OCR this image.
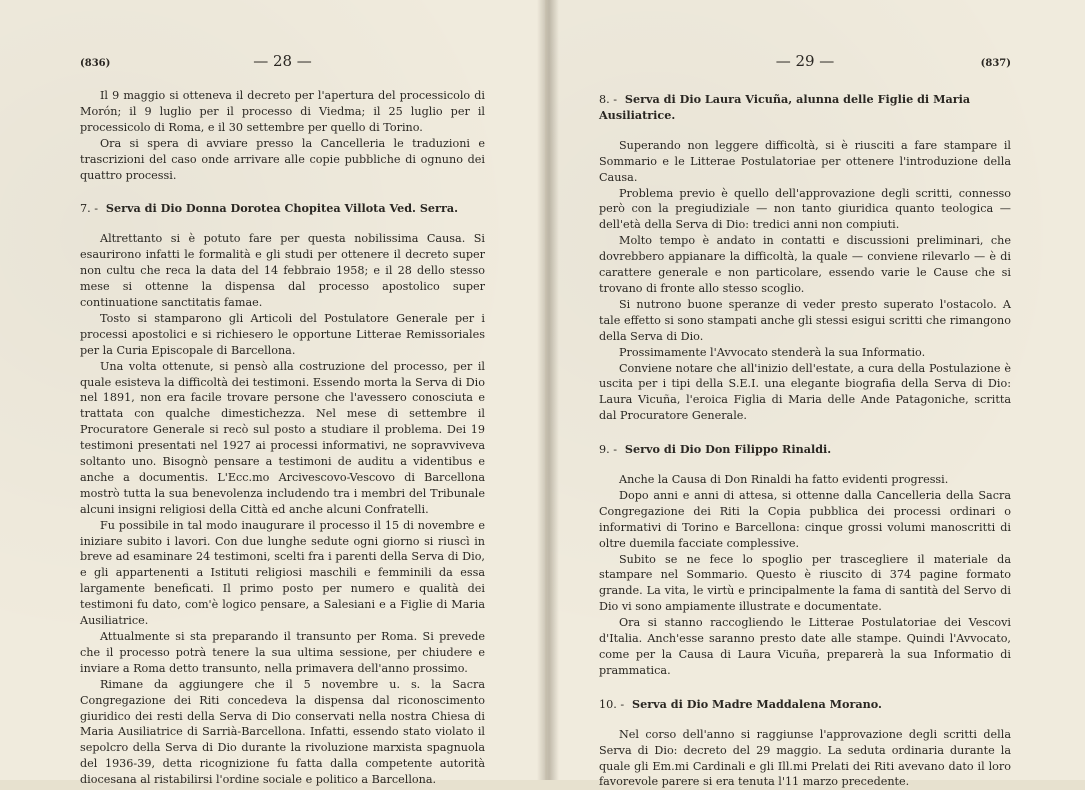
(836)	— 28 —

Il 9 maggio si otteneva il decreto per l'apertura del processicolo di Morón; il 9 luglio per il processo di Viedma; il 25 luglio per il processicolo di Roma, e il 30 settembre per quello di Torino.

Ora si spera di avviare presso la Cancelleria le traduzioni e trascrizioni del caso onde arrivare alle copie pubbliche di ognuno dei quattro processi.

7. - Serva di Dio Donna Dorotea Chopitea Villota Ved. Serra.

Altrettanto si è potuto fare per questa nobilissima Causa. Si esaurirono infatti le formalità e gli studi per ottenere il decreto super non cultu che reca la data del 14 febbraio 1958; e il 28 dello stesso mese si ottenne la dispensa dal processo apostolico super continuatione sanctitatis famae.

Tosto si stamparono gli Articoli del Postulatore Generale per i processi apostolici e si richiesero le opportune Litterae Remissoriales per la Curia Episcopale di Barcellona.

Una volta ottenute, si pensò alla costruzione del processo, per il quale esisteva la difficoltà dei testimoni. Essendo morta la Serva di Dio nel 1891, non era facile trovare persone che l'avessero conosciuta e trattata con qualche dimestichezza. Nel mese di settembre il Procuratore Generale si recò sul posto a studiare il problema. Dei 19 testimoni presentati nel 1927 ai processi informativi, ne sopravviveva soltanto uno. Bisognò pensare a testimoni de auditu a videntibus e anche a documentis. L'Ecc.mo Arcivescovo-Vescovo di Barcellona mostrò tutta la sua benevolenza includendo tra i membri del Tribunale alcuni insigni religiosi della Città ed anche alcuni Confratelli.

Fu possibile in tal modo inaugurare il processo il 15 di novembre e iniziare subito i lavori. Con due lunghe sedute ogni giorno si riuscì in breve ad esaminare 24 testimoni, scelti fra i parenti della Serva di Dio, e gli appartenenti a Istituti religiosi maschili e femminili da essa largamente beneficati. Il primo posto per numero e qualità dei testimoni fu dato, com'è logico pensare, a Salesiani e a Figlie di Maria Ausiliatrice.

Attualmente si sta preparando il transunto per Roma. Si prevede che il processo potrà tenere la sua ultima sessione, per chiudere e inviare a Roma detto transunto, nella primavera dell'anno prossimo.

Rimane da aggiungere che il 5 novembre u. s. la Sacra Congregazione dei Riti concedeva la dispensa dal riconoscimento giuridico dei resti della Serva di Dio conservati nella nostra Chiesa di Maria Ausiliatrice di Sarrià-Barcellona. Infatti, essendo stato violato il sepolcro della Serva di Dio durante la rivoluzione marxista spagnuola del 1936-39, detta ricognizione fu fatta dalla competente autorità diocesana al ristabilirsi l'ordine sociale e politico a Barcellona.

— 29 —	(837)
8. - Serva di Dio Laura Vicuña, alunna delle Figlie di Maria Ausiliatrice.

Superando non leggere difficoltà, si è riusciti a fare stampare il Sommario e le Litterae Postulatoriae per ottenere l'introduzione della Causa.

Problema previo è quello dell'approvazione degli scritti, connesso però con la pregiudiziale — non tanto giuridica quanto teologica — dell'età della Serva di Dio: tredici anni non compiuti.

Molto tempo è andato in contatti e discussioni preliminari, che dovrebbero appianare la difficoltà, la quale — conviene rilevarlo — è di carattere generale e non particolare, essendo varie le Cause che si trovano di fronte allo stesso scoglio.

Si nutrono buone speranze di veder presto superato l'ostacolo. A tale effetto si sono stampati anche gli stessi esigui scritti che rimangono della Serva di Dio.

Prossimamente l'Avvocato stenderà la sua Informatio.

Conviene notare che all'inizio dell'estate, a cura della Postulazione è uscita per i tipi della S.E.I. una elegante biografia della Serva di Dio: Laura Vicuña, l'eroica Figlia di Maria delle Ande Patagoniche, scritta dal Procuratore Generale.

9. - Servo di Dio Don Filippo Rinaldi.

Anche la Causa di Don Rinaldi ha fatto evidenti progressi.

Dopo anni e anni di attesa, si ottenne dalla Cancelleria della Sacra Congregazione dei Riti la Copia pubblica dei processi ordinari o informativi di Torino e Barcellona: cinque grossi volumi manoscritti di oltre duemila facciate complessive.

Subito se ne fece lo spoglio per trascegliere il materiale da stampare nel Sommario. Questo è riuscito di 374 pagine formato grande. La vita, le virtù e principalmente la fama di santità del Servo di Dio vi sono ampiamente illustrate e documentate.

Ora si stanno raccogliendo le Litterae Postulatoriae dei Vescovi d'Italia. Anch'esse saranno presto date alle stampe. Quindi l'Avvocato, come per la Causa di Laura Vicuña, preparerà la sua Informatio di prammatica.

10. - Serva di Dio Madre Maddalena Morano.

Nel corso dell'anno si raggiunse l'approvazione degli scritti della Serva di Dio: decreto del 29 maggio. La seduta ordinaria durante la quale gli Em.mi Cardinali e gli Ill.mi Prelati dei Riti avevano dato il loro favorevole parere si era tenuta l'11 marzo precedente.
